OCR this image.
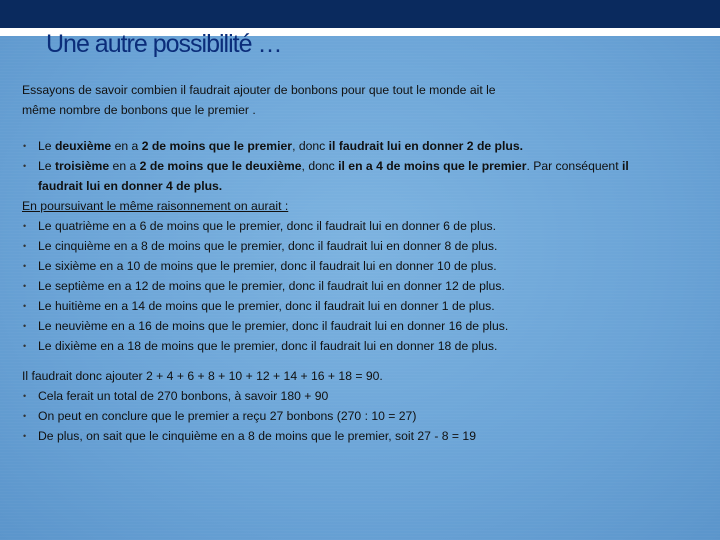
Une autre possibilité …

Essayons de savoir combien il faudrait ajouter de bonbons pour que tout le monde ait le

même nombre de bonbons que le premier .

• Le deuxième en a 2 de moins que le premier, donc il faudrait lui en donner 2 de plus.
• Le troisième en a 2 de moins que le deuxième, donc il en a 4 de moins que le premier. Par conséquent il faudrait lui en donner 4 de plus.

En poursuivant le même raisonnement on aurait :

• Le quatrième en a 6 de moins que le premier, donc il faudrait lui en donner 6 de plus.
• Le cinquième en a 8 de moins que le premier, donc il faudrait lui en donner 8 de plus.
• Le sixième en a 10 de moins que le premier, donc il faudrait lui en donner 10 de plus.
• Le septième en a 12 de moins que le premier, donc il faudrait lui en donner 12 de plus.
• Le huitième en a 14 de moins que le premier, donc il faudrait lui en donner 1 de plus.
• Le neuvième en a 16 de moins que le premier, donc il faudrait lui en donner 16 de plus.
• Le dixième en a 18 de moins que le premier, donc il faudrait lui en donner 18 de plus.

Il faudrait donc ajouter 2 + 4 + 6 + 8 + 10 + 12 + 14 + 16 + 18 = 90.

• Cela ferait un total de 270 bonbons, à savoir 180 + 90
• On peut en conclure que le premier a reçu 27 bonbons (270 : 10 = 27)
• De plus, on sait que le cinquième en a 8 de moins que le premier, soit 27 - 8 = 19
